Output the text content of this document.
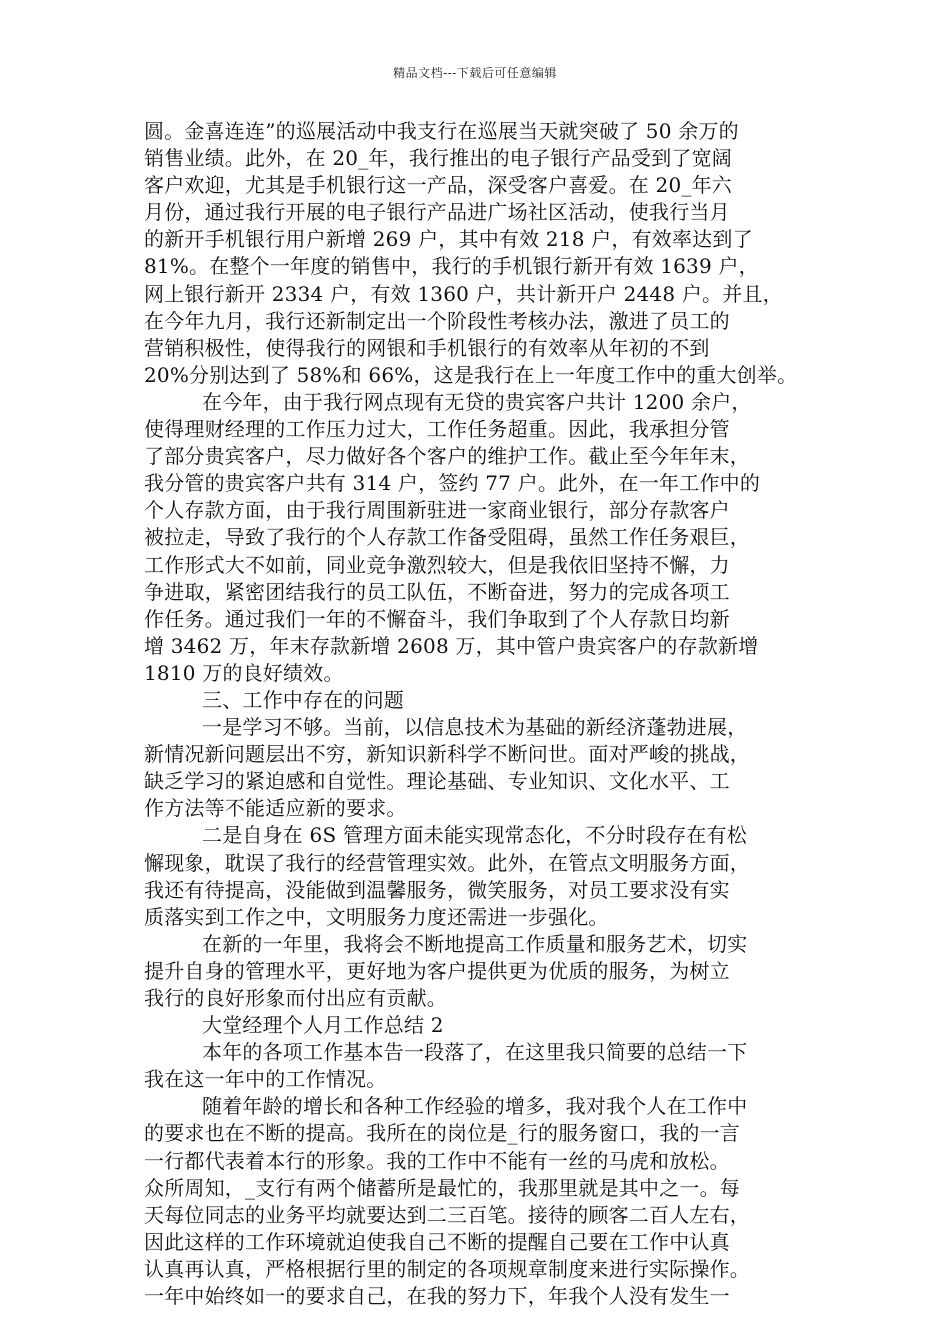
精品文档---下载后可任意编辑
圆。金喜连连”的巡展活动中我支行在巡展当天就突破了 50 余万的
销售业绩。此外，在 20_年，我行推出的电子银行产品受到了宽阔
客户欢迎，尤其是手机银行这一产品，深受客户喜爱。在 20_年六
月份，通过我行开展的电子银行产品进广场社区活动，使我行当月
的新开手机银行用户新增 269 户，其中有效 218 户，有效率达到了
81%。在整个一年度的销售中，我行的手机银行新开有效 1639 户，
网上银行新开 2334 户，有效 1360 户，共计新开户 2448 户。并且，
在今年九月，我行还新制定出一个阶段性考核办法，激进了员工的
营销积极性，使得我行的网银和手机银行的有效率从年初的不到
20%分别达到了 58%和 66%，这是我行在上一年度工作中的重大创举。
在今年，由于我行网点现有无贷的贵宾客户共计 1200 余户，
使得理财经理的工作压力过大，工作任务超重。因此，我承担分管
了部分贵宾客户，尽力做好各个客户的维护工作。截止至今年年末，
我分管的贵宾客户共有 314 户，签约 77 户。此外，在一年工作中的
个人存款方面，由于我行周围新驻进一家商业银行，部分存款客户
被拉走，导致了我行的个人存款工作备受阻碍，虽然工作任务艰巨，
工作形式大不如前，同业竞争激烈较大，但是我依旧坚持不懈，力
争进取，紧密团结我行的员工队伍，不断奋进，努力的完成各项工
作任务。通过我们一年的不懈奋斗，我们争取到了个人存款日均新
增 3462 万，年末存款新增 2608 万，其中管户贵宾客户的存款新增
1810 万的良好绩效。
三、工作中存在的问题
一是学习不够。当前，以信息技术为基础的新经济蓬勃进展，
新情况新问题层出不穷，新知识新科学不断问世。面对严峻的挑战，
缺乏学习的紧迫感和自觉性。理论基础、专业知识、文化水平、工
作方法等不能适应新的要求。
二是自身在 6S 管理方面未能实现常态化，不分时段存在有松
懈现象，耽误了我行的经营管理实效。此外，在管点文明服务方面，
我还有待提高，没能做到温馨服务，微笑服务，对员工要求没有实
质落实到工作之中，文明服务力度还需进一步强化。
在新的一年里，我将会不断地提高工作质量和服务艺术，切实
提升自身的管理水平，更好地为客户提供更为优质的服务，为树立
我行的良好形象而付出应有贡献。
大堂经理个人月工作总结 2
本年的各项工作基本告一段落了，在这里我只简要的总结一下
我在这一年中的工作情况。
随着年龄的增长和各种工作经验的增多，我对我个人在工作中
的要求也在不断的提高。我所在的岗位是_行的服务窗口，我的一言
一行都代表着本行的形象。我的工作中不能有一丝的马虎和放松。
众所周知，_支行有两个储蓄所是最忙的，我那里就是其中之一。每
天每位同志的业务平均就要达到二三百笔。接待的顾客二百人左右，
因此这样的工作环境就迫使我自己不断的提醒自己要在工作中认真
认真再认真，严格根据行里的制定的各项规章制度来进行实际操作。
一年中始终如一的要求自己，在我的努力下，年我个人没有发生一
